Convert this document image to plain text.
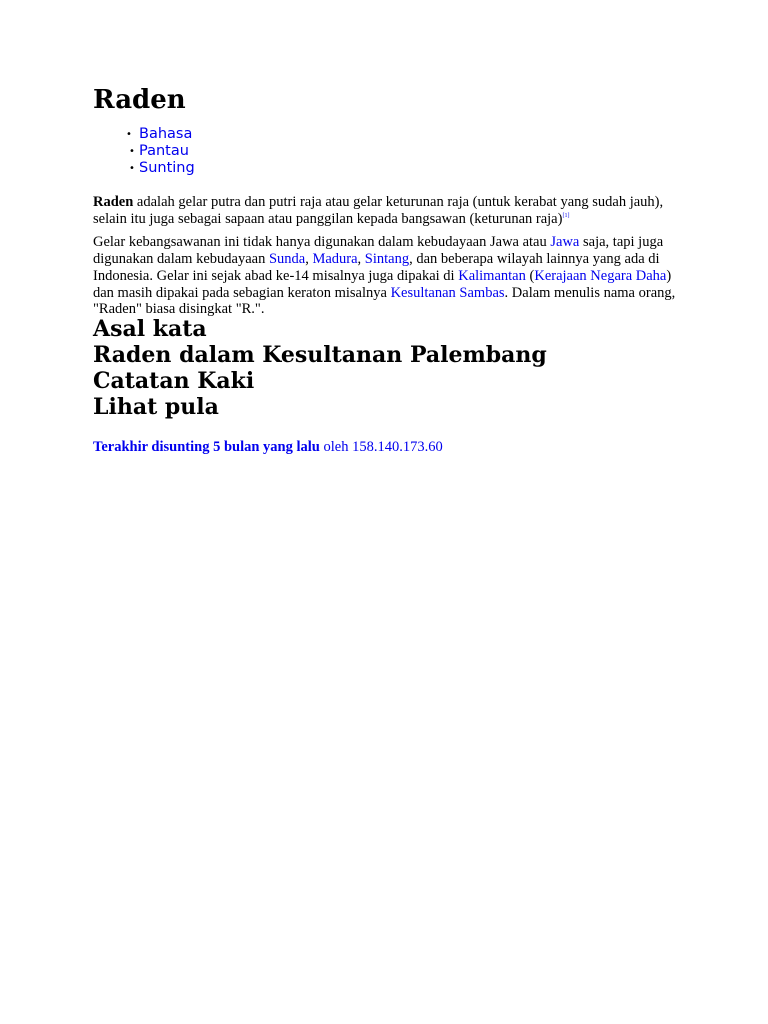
Raden
• Bahasa
• Pantau
• Sunting

Raden adalah gelar putra dan putri raja atau gelar keturunan raja (untuk kerabat yang sudah jauh), selain itu juga sebagai sapaan atau panggilan kepada bangsawan (keturunan raja)[1]

Gelar kebangsawanan ini tidak hanya digunakan dalam kebudayaan Jawa atau Jawa saja, tapi juga digunakan dalam kebudayaan Sunda, Madura, Sintang, dan beberapa wilayah lainnya yang ada di Indonesia. Gelar ini sejak abad ke-14 misalnya juga dipakai di Kalimantan (Kerajaan Negara Daha) dan masih dipakai pada sebagian keraton misalnya Kesultanan Sambas. Dalam menulis nama orang, "Raden" biasa disingkat "R.".

Asal kata
Raden dalam Kesultanan Palembang
Catatan Kaki
Lihat pula
Terakhir disunting 5 bulan yang lalu oleh 158.140.173.60
